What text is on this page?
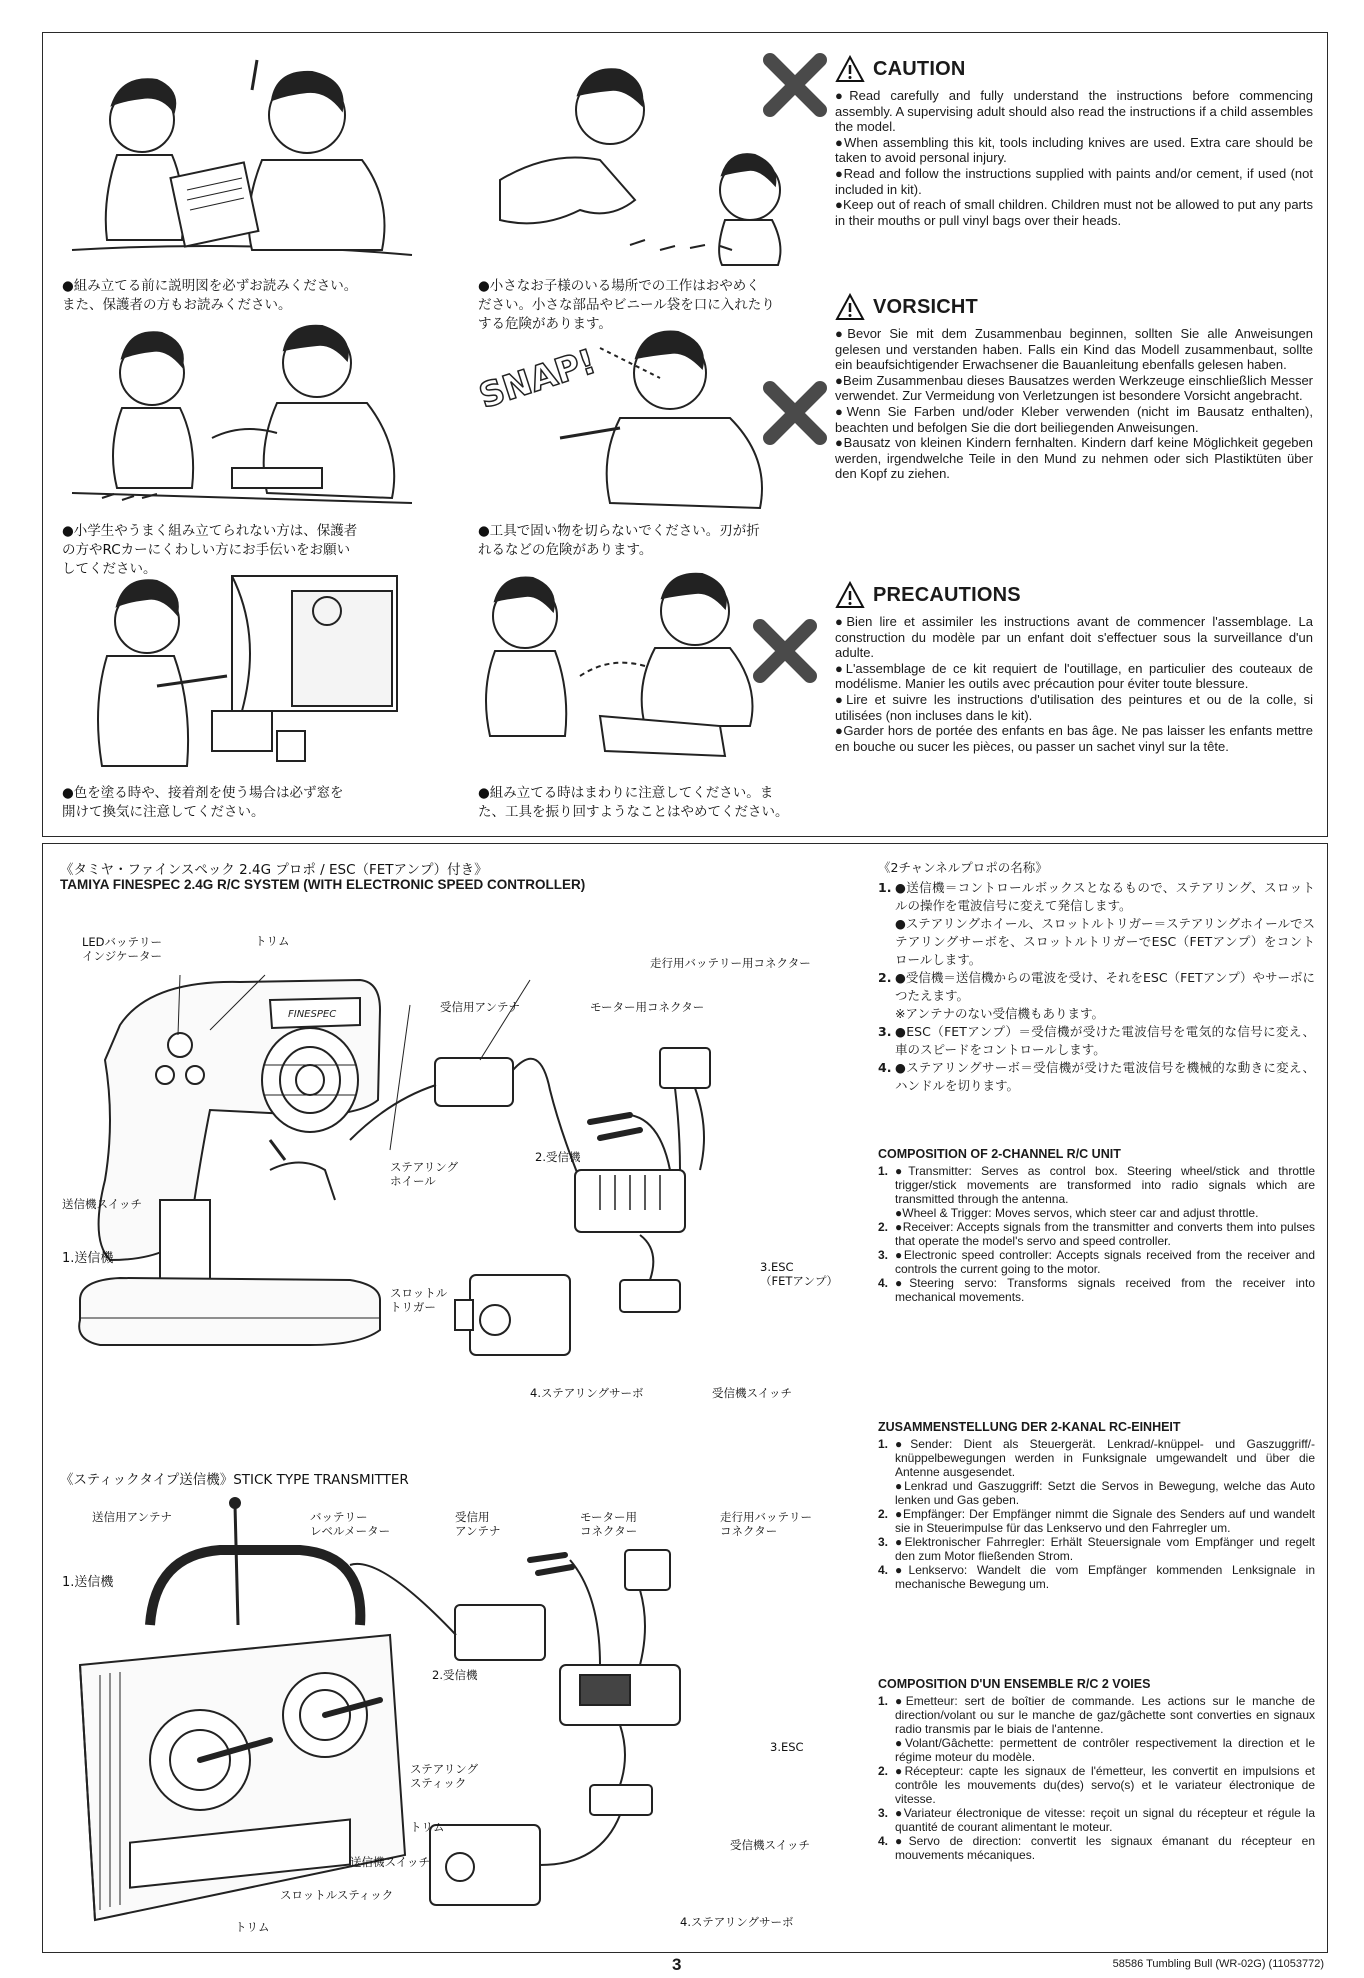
●組み立てる前に説明図を必ずお読みください。
また、保護者の方もお読みください。
●小さなお子様のいる場所での工作はおやめく
ださい。小さな部品やビニール袋を口に入れたり
する危険があります。
●小学生やうまく組み立てられない方は、保護者
の方やRCカーにくわしい方にお手伝いをお願い
してください。
SNAP!
●工具で固い物を切らないでください。刃が折
れるなどの危険があります。
●色を塗る時や、接着剤を使う場合は必ず窓を
開けて換気に注意してください。
●組み立てる時はまわりに注意してください。ま
た、工具を振り回すようなことはやめてください。
CAUTION

●Read carefully and fully understand the instructions before commencing assembly. A supervising adult should also read the instructions if a child assembles the model.

●When assembling this kit, tools including knives are used. Extra care should be taken to avoid personal injury.

●Read and follow the instructions supplied with paints and/or cement, if used (not included in kit).

●Keep out of reach of small children. Children must not be allowed to put any parts in their mouths or pull vinyl bags over their heads.

VORSICHT

●Bevor Sie mit dem Zusammenbau beginnen, sollten Sie alle Anweisungen gelesen und verstanden haben. Falls ein Kind das Modell zusammenbaut, sollte ein beaufsichtigender Erwachsener die Bauanleitung ebenfalls gelesen haben.

●Beim Zusammenbau dieses Bausatzes werden Werkzeuge einschließlich Messer verwendet. Zur Vermeidung von Verletzungen ist besondere Vorsicht angebracht.

●Wenn Sie Farben und/oder Kleber verwenden (nicht im Bausatz enthalten), beachten und befolgen Sie die dort beiliegenden Anweisungen.

●Bausatz von kleinen Kindern fernhalten. Kindern darf keine Möglichkeit gegeben werden, irgendwelche Teile in den Mund zu nehmen oder sich Plastiktüten über den Kopf zu ziehen.

PRECAUTIONS

●Bien lire et assimiler les instructions avant de commencer l'assemblage. La construction du modèle par un enfant doit s'effectuer sous la surveillance d'un adulte.

●L'assemblage de ce kit requiert de l'outillage, en particulier des couteaux de modélisme. Manier les outils avec précaution pour éviter toute blessure.

●Lire et suivre les instructions d'utilisation des peintures et ou de la colle, si utilisées (non incluses dans le kit).

●Garder hors de portée des enfants en bas âge. Ne pas laisser les enfants mettre en bouche ou sucer les pièces, ou passer un sachet vinyl sur la tête.

《タミヤ・ファインスペック 2.4G プロポ / ESC（FETアンプ）付き》
TAMIYA FINESPEC 2.4G R/C SYSTEM (WITH ELECTRONIC SPEED CONTROLLER)
FINESPEC
LEDバッテリー
インジケーター
トリム
走行用バッテリー用コネクター
受信用アンテナ	モーター用コネクター
ステアリング
ホイール
2.受信機
送信機スイッチ
1.送信機
3.ESC
（FETアンプ）
スロットル
トリガー
4.ステアリングサーボ	受信機スイッチ
《スティックタイプ送信機》STICK TYPE TRANSMITTER
送信用アンテナ	バッテリー
レベルメーター
受信用
アンテナ
モーター用
コネクター
走行用バッテリー
コネクター
1.送信機
2.受信機
ステアリング
スティック
3.ESC
トリム
送信機スイッチ
受信機スイッチ
スロットルスティック
トリム	4.ステアリングサーボ
《2チャンネルプロポの名称》
1. ●送信機＝コントロールボックスとなるもので、ステアリング、スロットルの操作を電波信号に変えて発信します。
●ステアリングホイール、スロットルトリガー＝ステアリングホイールでステアリングサーボを、スロットルトリガーでESC（FETアンプ）をコントロールします。
2. ●受信機＝送信機からの電波を受け、それをESC（FETアンプ）やサーボにつたえます。
※アンテナのない受信機もあります。
3. ●ESC（FETアンプ）＝受信機が受けた電波信号を電気的な信号に変え、車のスピードをコントロールします。
4. ●ステアリングサーボ＝受信機が受けた電波信号を機械的な動きに変え、ハンドルを切ります。
COMPOSITION OF 2-CHANNEL R/C UNIT
1. ●Transmitter: Serves as control box. Steering wheel/stick and throttle trigger/stick movements are transformed into radio signals which are transmitted through the antenna.
●Wheel & Trigger: Moves servos, which steer car and adjust throttle.
2. ●Receiver: Accepts signals from the transmitter and converts them into pulses that operate the model's servo and speed controller.
3. ●Electronic speed controller: Accepts signals received from the receiver and controls the current going to the motor.
4. ●Steering servo: Transforms signals received from the receiver into mechanical movements.
ZUSAMMENSTELLUNG DER 2-KANAL RC-EINHEIT
1. ●Sender: Dient als Steuergerät. Lenkrad/-knüppel- und Gaszuggriff/- knüppelbewegungen werden in Funksignale umgewandelt und über die Antenne ausgesendet.
●Lenkrad und Gaszuggriff: Setzt die Servos in Bewegung, welche das Auto lenken und Gas geben.
2. ●Empfänger: Der Empfänger nimmt die Signale des Senders auf und wandelt sie in Steuerimpulse für das Lenkservo und den Fahrregler um.
3. ●Elektronischer Fahrregler: Erhält Steuersignale vom Empfänger und regelt den zum Motor fließenden Strom.
4. ●Lenkservo: Wandelt die vom Empfänger kommenden Lenksignale in mechanische Bewegung um.
COMPOSITION D'UN ENSEMBLE R/C 2 VOIES
1. ●Emetteur: sert de boîtier de commande. Les actions sur le manche de direction/volant ou sur le manche de gaz/gâchette sont converties en signaux radio transmis par le biais de l'antenne.
●Volant/Gâchette: permettent de contrôler respectivement la direction et le régime moteur du modèle.
2. ●Récepteur: capte les signaux de l'émetteur, les convertit en impulsions et contrôle les mouvements du(des) servo(s) et le variateur électronique de vitesse.
3. ●Variateur électronique de vitesse: reçoit un signal du récepteur et régule la quantité de courant alimentant le moteur.
4. ●Servo de direction: convertit les signaux émanant du récepteur en mouvements mécaniques.
3	58586 Tumbling Bull (WR-02G) (11053772)
